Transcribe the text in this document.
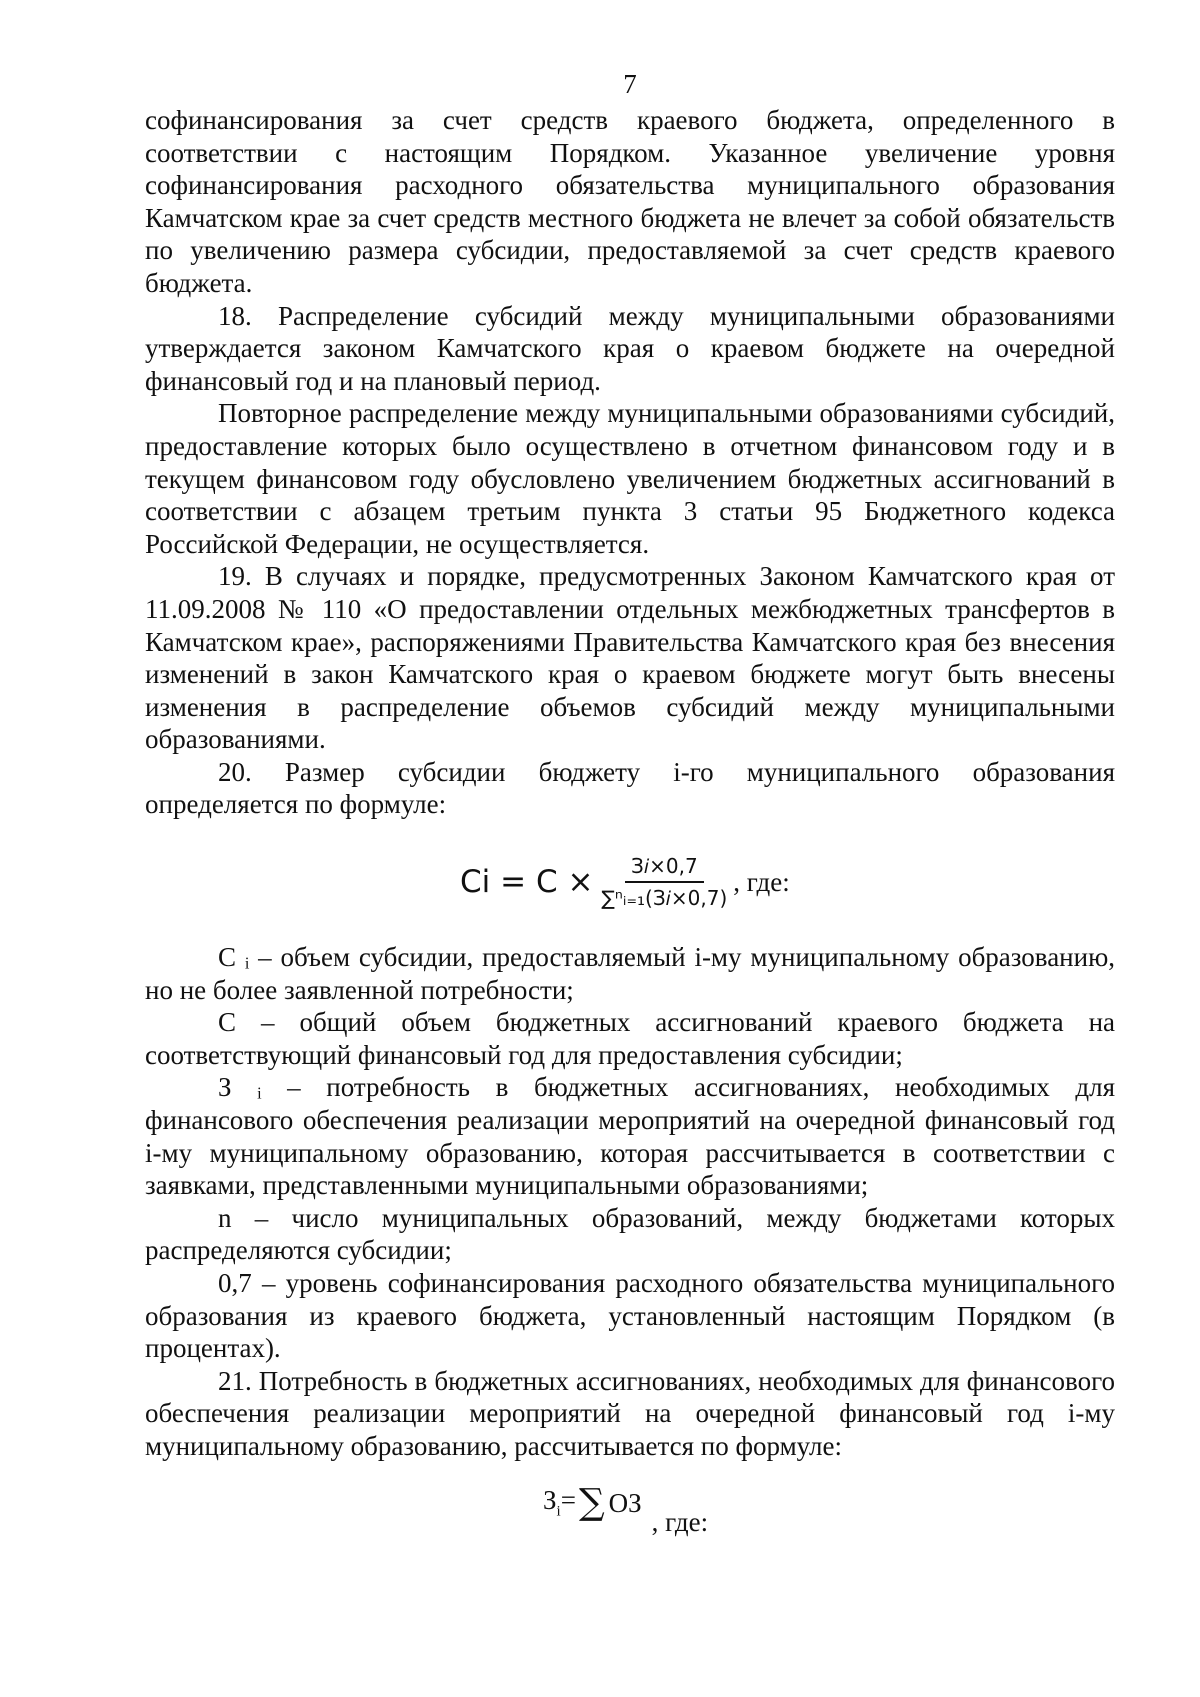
7

софинансирования за счет средств краевого бюджета, определенного в соответствии с настоящим Порядком. Указанное увеличение уровня софинансирования расходного обязательства муниципального образования Камчатском крае за счет средств местного бюджета не влечет за собой обязательств по увеличению размера субсидии, предоставляемой за счет средств краевого бюджета.

18. Распределение субсидий между муниципальными образованиями утверждается законом Камчатского края о краевом бюджете на очередной финансовый год и на плановый период.

Повторное распределение между муниципальными образованиями субсидий, предоставление которых было осуществлено в отчетном финансовом году и в текущем финансовом году обусловлено увеличением бюджетных ассигнований в соответствии с абзацем третьим пункта 3 статьи 95 Бюджетного кодекса Российской Федерации, не осуществляется.

19. В случаях и порядке, предусмотренных Законом Камчатского края от 11.09.2008 № 110 «О предоставлении отдельных межбюджетных трансфертов в Камчатском крае», распоряжениями Правительства Камчатского края без внесения изменений в закон Камчатского края о краевом бюджете могут быть внесены изменения в распределение объемов субсидий между муниципальными образованиями.

20. Размер субсидии бюджету i-го муниципального образования определяется по формуле:

$Ci = С \times \frac{\text{З𝑖×0,7}}{\text{∑ⁿᵢ₌₁(З𝑖×0,7)}}$ , где:

С ᵢ – объем субсидии, предоставляемый i-му муниципальному образованию, но не более заявленной потребности;

С – общий объем бюджетных ассигнований краевого бюджета на соответствующий финансовый год для предоставления субсидии;

З ᵢ – потребность в бюджетных ассигнованиях, необходимых для финансового обеспечения реализации мероприятий на очередной финансовый год i-му муниципальному образованию, которая рассчитывается в соответствии с заявками, представленными муниципальными образованиями;

n – число муниципальных образований, между бюджетами которых распределяются субсидии;

0,7 – уровень софинансирования расходного обязательства муниципального образования из краевого бюджета, установленный настоящим Порядком (в процентах).

21. Потребность в бюджетных ассигнованиях, необходимых для финансового обеспечения реализации мероприятий на очередной финансовый год i-му муниципальному образованию, рассчитывается по формуле:

$З_i=$ ∑ ОЗ
, где:
